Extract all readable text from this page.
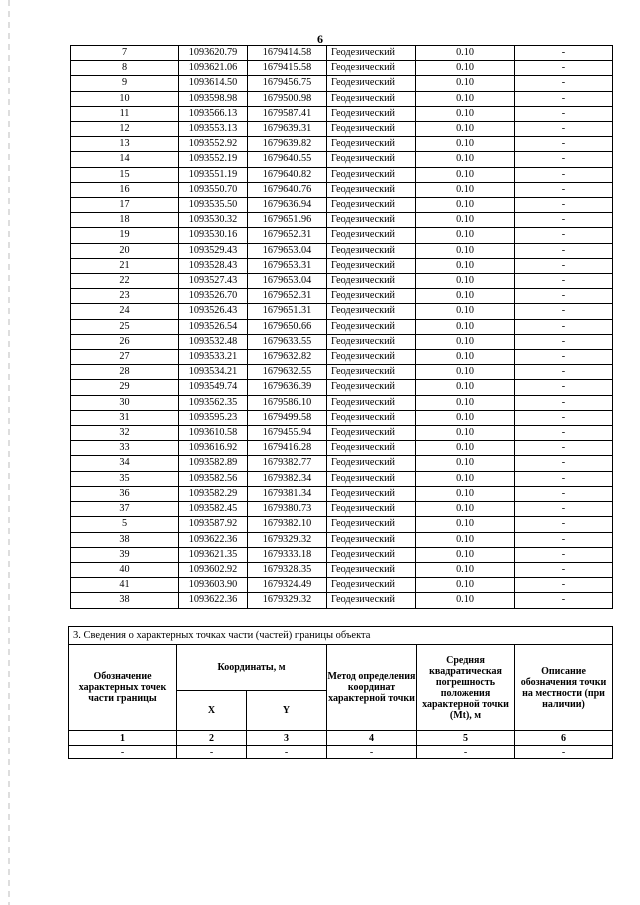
6
7	1093620.79	1679414.58	Геодезический	0.10	-
8	1093621.06	1679415.58	Геодезический	0.10	-
9	1093614.50	1679456.75	Геодезический	0.10	-
10	1093598.98	1679500.98	Геодезический	0.10	-
11	1093566.13	1679587.41	Геодезический	0.10	-
12	1093553.13	1679639.31	Геодезический	0.10	-
13	1093552.92	1679639.82	Геодезический	0.10	-
14	1093552.19	1679640.55	Геодезический	0.10	-
15	1093551.19	1679640.82	Геодезический	0.10	-
16	1093550.70	1679640.76	Геодезический	0.10	-
17	1093535.50	1679636.94	Геодезический	0.10	-
18	1093530.32	1679651.96	Геодезический	0.10	-
19	1093530.16	1679652.31	Геодезический	0.10	-
20	1093529.43	1679653.04	Геодезический	0.10	-
21	1093528.43	1679653.31	Геодезический	0.10	-
22	1093527.43	1679653.04	Геодезический	0.10	-
23	1093526.70	1679652.31	Геодезический	0.10	-
24	1093526.43	1679651.31	Геодезический	0.10	-
25	1093526.54	1679650.66	Геодезический	0.10	-
26	1093532.48	1679633.55	Геодезический	0.10	-
27	1093533.21	1679632.82	Геодезический	0.10	-
28	1093534.21	1679632.55	Геодезический	0.10	-
29	1093549.74	1679636.39	Геодезический	0.10	-
30	1093562.35	1679586.10	Геодезический	0.10	-
31	1093595.23	1679499.58	Геодезический	0.10	-
32	1093610.58	1679455.94	Геодезический	0.10	-
33	1093616.92	1679416.28	Геодезический	0.10	-
34	1093582.89	1679382.77	Геодезический	0.10	-
35	1093582.56	1679382.34	Геодезический	0.10	-
36	1093582.29	1679381.34	Геодезический	0.10	-
37	1093582.45	1679380.73	Геодезический	0.10	-
5	1093587.92	1679382.10	Геодезический	0.10	-
38	1093622.36	1679329.32	Геодезический	0.10	-
39	1093621.35	1679333.18	Геодезический	0.10	-
40	1093602.92	1679328.35	Геодезический	0.10	-
41	1093603.90	1679324.49	Геодезический	0.10	-
38	1093622.36	1679329.32	Геодезический	0.10	-
3. Сведения о характерных точках части (частей) границы объекта					
Обозначение характерных точек части границы	Координаты, м		Метод определения координат характерной точки	Средняя квадратическая погрешность положения характерной точки (Мt), м	Описание обозначения точки на местности (при наличии)
	X	Y			
1	2	3	4	5	6
-	-	-	-	-	-
